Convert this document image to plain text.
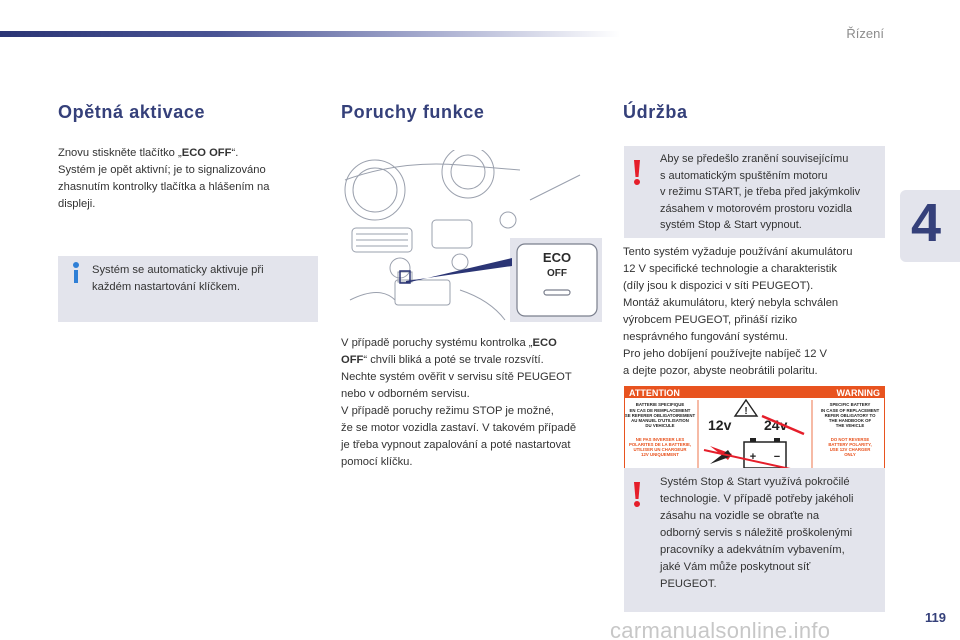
Řízení
4
Opětná aktivace
Znovu stiskněte tlačítko „ECO OFF“.
Systém je opět aktivní; je to signalizováno
zhasnutím kontrolky tlačítka a hlášením na
displeji.
Systém se automaticky aktivuje při
každém nastartování klíčkem.
Poruchy funkce
ECO
OFF
V případě poruchy systému kontrolka „ECO
OFF“ chvíli bliká a poté se trvale rozsvítí.
Nechte systém ověřit v servisu sítě PEUGEOT
nebo v odborném servisu.
V případě poruchy režimu STOP je možné,
že se motor vozidla zastaví. V takovém případě
je třeba vypnout zapalování a poté nastartovat
pomocí klíčku.
Údržba
Aby se předešlo zranění souvisejícímu
s automatickým spuštěním motoru
v režimu START, je třeba před jakýmkoliv
zásahem v motorovém prostoru vozidla
systém Stop & Start vypnout.
Tento systém vyžaduje používání akumulátoru
12 V specifické technologie a charakteristik
(díly jsou k dispozici v síti PEUGEOT).
Montáž akumulátoru, který nebyla schválen
výrobcem PEUGEOT, přináší riziko
nesprávného fungování systému.
Pro jeho dobíjení používejte nabíječ 12 V
a dejte pozor, abyste neobrátili polaritu.
ATTENTION	WARNING
BATTERIE SPECIFIQUE
EN CAS DE REMPLACEMENT
SE REFERER OBLIGATOIREMENT
AU MANUEL D'UTILISATION
DU VEHICULE
NE PAS INVERSER LES
POLARITES DE LA BATTERIE,
UTILISER UN CHARGEUR
12V UNIQUEMENT
SPECIFIC BATTERY
IN CASE OF REPLACEMENT
REFER OBLIGATORY TO
THE HANDBOOK OF
THE VEHICLE
DO NOT REVERSE
BATTERY POLARITY,
USE 12V CHARGER
ONLY
!
12v 24v
+ −
Systém Stop & Start využívá pokročilé
technologie. V případě potřeby jakéholi
zásahu na vozidle se obraťte na
odborný servis s náležitě proškolenými
pracovníky a adekvátním vybavením,
jaké Vám může poskytnout síť
PEUGEOT.
119
carmanualsonline.info
